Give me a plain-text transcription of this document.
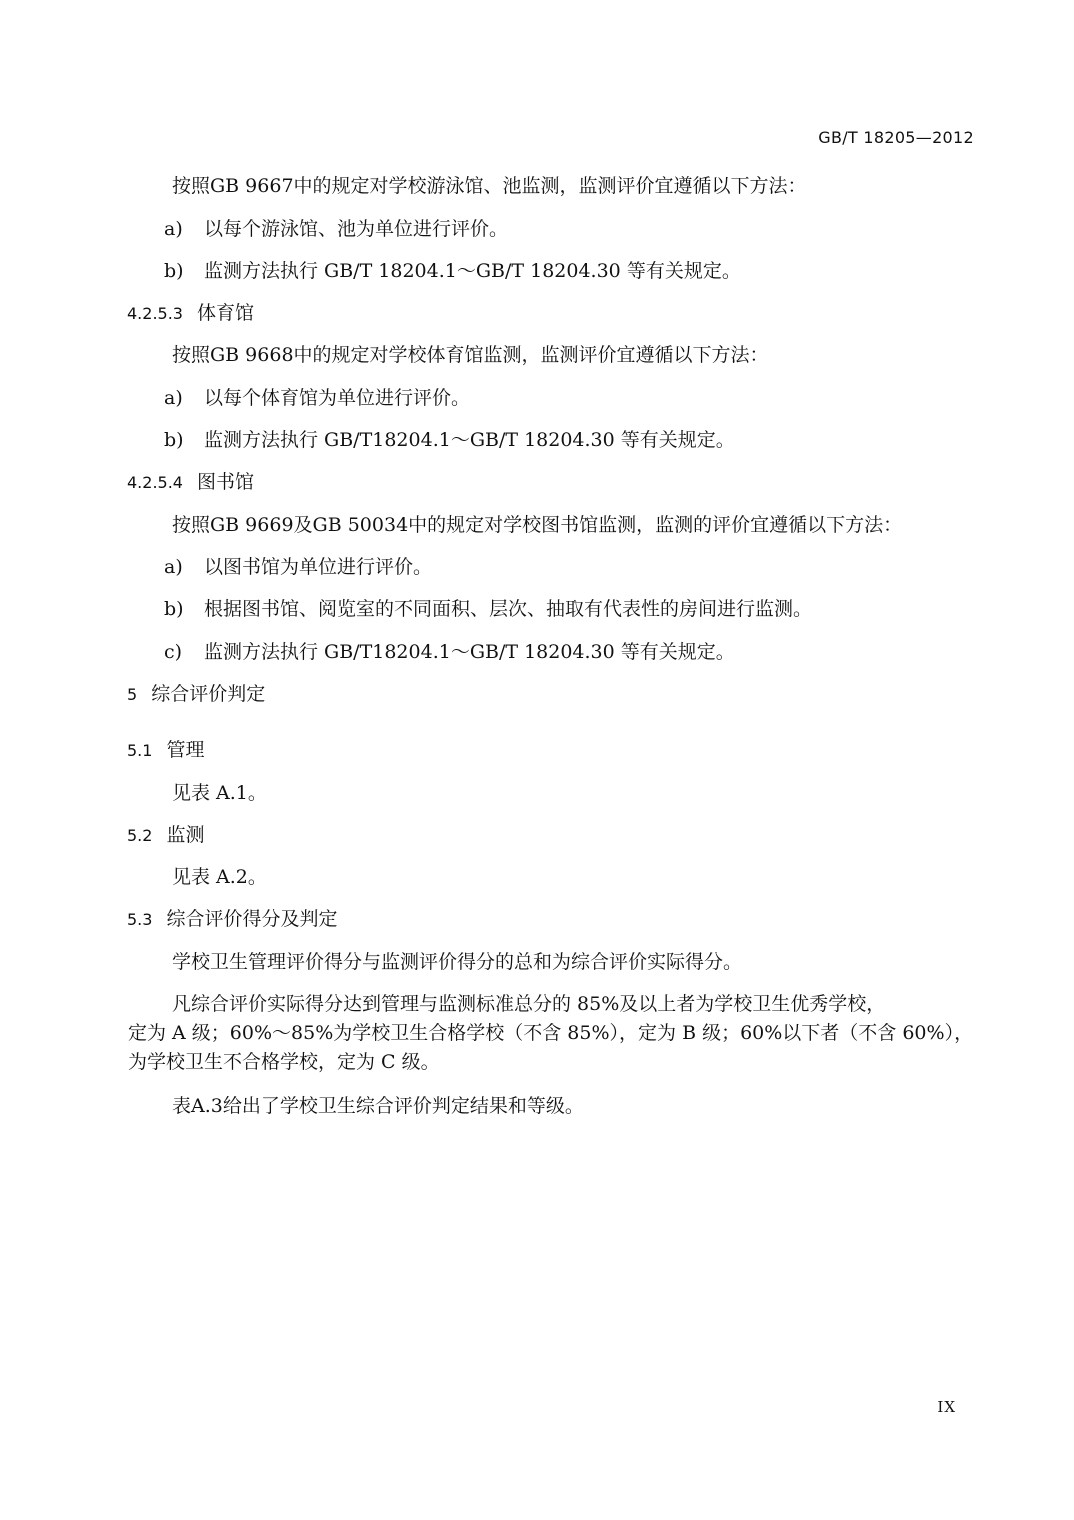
GB/T 18205—2012
按照GB 9667中的规定对学校游泳馆、池监测，监测评价宜遵循以下方法：
a) 以每个游泳馆、池为单位进行评价。
b) 监测方法执行 GB/T 18204.1～GB/T 18204.30 等有关规定。
4.2.5.3 体育馆
按照GB 9668中的规定对学校体育馆监测，监测评价宜遵循以下方法：
a) 以每个体育馆为单位进行评价。
b) 监测方法执行 GB/T18204.1～GB/T 18204.30 等有关规定。
4.2.5.4 图书馆
按照GB 9669及GB 50034中的规定对学校图书馆监测，监测的评价宜遵循以下方法：
a) 以图书馆为单位进行评价。
b) 根据图书馆、阅览室的不同面积、层次、抽取有代表性的房间进行监测。
c) 监测方法执行 GB/T18204.1～GB/T 18204.30 等有关规定。
5 综合评价判定
5.1 管理
见表 A.1。
5.2 监测
见表 A.2。
5.3 综合评价得分及判定
学校卫生管理评价得分与监测评价得分的总和为综合评价实际得分。
凡综合评价实际得分达到管理与监测标准总分的 85%及以上者为学校卫生优秀学校，
定为 A 级；60%～85%为学校卫生合格学校（不含 85%），定为 B 级；60%以下者（不含 60%），
为学校卫生不合格学校，定为 C 级。
表A.3给出了学校卫生综合评价判定结果和等级。
IX
